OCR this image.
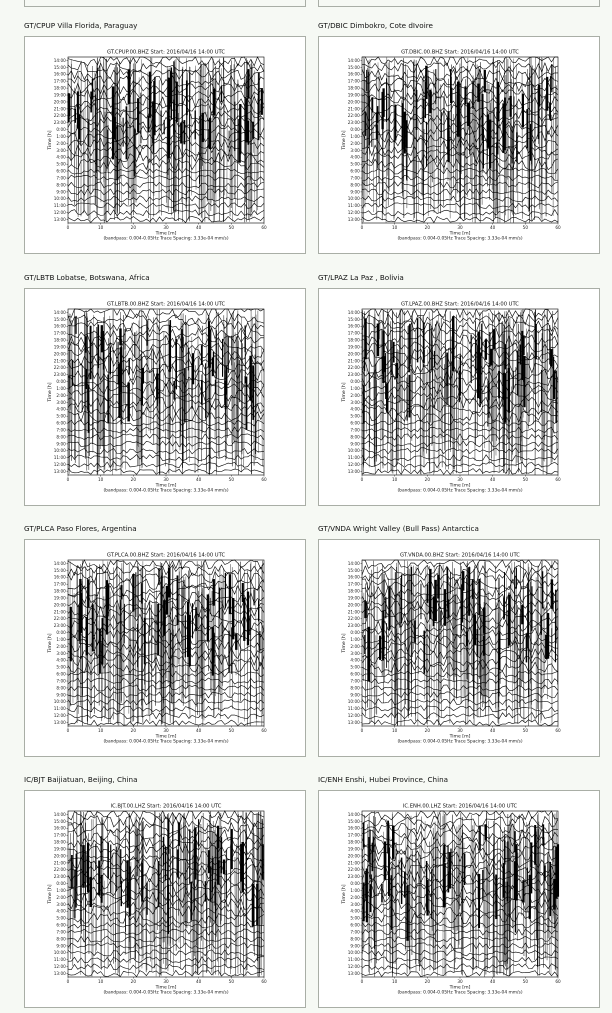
GT/CPUP Villa Florida, Paraguay
GT.CPUP.00.BHZ Start: 2016/04/16 14:00 UTC
14:00
15:00
16:00
17:00
18:00
19:00
20:00
21:00
22:00
23:00
0:00
1:00
2:00
3:00
4:00
5:00
6:00
7:00
8:00
9:00
10:00
11:00
12:00
13:00
0	10	20	30	40	50	60
Time [m]
Time [h]
(bandpass: 0.004-0.05Hz Trace Spacing: 3.33e-04 mm/s)
GT/DBIC Dimbokro, Cote dIvoire
GT.DBIC.00.BHZ Start: 2016/04/16 14:00 UTC
14:00
15:00
16:00
17:00
18:00
19:00
20:00
21:00
22:00
23:00
0:00
1:00
2:00
3:00
4:00
5:00
6:00
7:00
8:00
9:00
10:00
11:00
12:00
13:00
0	10	20	30	40	50	60
Time [m]
Time [h]
(bandpass: 0.004-0.05Hz Trace Spacing: 3.33e-04 mm/s)
GT/LBTB Lobatse, Botswana, Africa
GT.LBTB.00.BHZ Start: 2016/04/16 14:00 UTC
14:00
15:00
16:00
17:00
18:00
19:00
20:00
21:00
22:00
23:00
0:00
1:00
2:00
3:00
4:00
5:00
6:00
7:00
8:00
9:00
10:00
11:00
12:00
13:00
0	10	20	30	40	50	60
Time [m]
Time [h]
(bandpass: 0.004-0.05Hz Trace Spacing: 3.33e-04 mm/s)
GT/LPAZ La Paz , Bolivia
GT.LPAZ.00.BHZ Start: 2016/04/16 14:00 UTC
14:00
15:00
16:00
17:00
18:00
19:00
20:00
21:00
22:00
23:00
0:00
1:00
2:00
3:00
4:00
5:00
6:00
7:00
8:00
9:00
10:00
11:00
12:00
13:00
0	10	20	30	40	50	60
Time [m]
Time [h]
(bandpass: 0.004-0.05Hz Trace Spacing: 3.33e-04 mm/s)
GT/PLCA Paso Flores, Argentina
GT.PLCA.00.BHZ Start: 2016/04/16 14:00 UTC
14:00
15:00
16:00
17:00
18:00
19:00
20:00
21:00
22:00
23:00
0:00
1:00
2:00
3:00
4:00
5:00
6:00
7:00
8:00
9:00
10:00
11:00
12:00
13:00
0	10	20	30	40	50	60
Time [m]
Time [h]
(bandpass: 0.004-0.05Hz Trace Spacing: 3.33e-04 mm/s)
GT/VNDA Wright Valley (Bull Pass) Antarctica
GT.VNDA.00.BHZ Start: 2016/04/16 14:00 UTC
14:00
15:00
16:00
17:00
18:00
19:00
20:00
21:00
22:00
23:00
0:00
1:00
2:00
3:00
4:00
5:00
6:00
7:00
8:00
9:00
10:00
11:00
12:00
13:00
0	10	20	30	40	50	60
Time [m]
Time [h]
(bandpass: 0.004-0.05Hz Trace Spacing: 3.33e-04 mm/s)
IC/BJT Baijiatuan, Beijing, China
IC.BJT.00.LHZ Start: 2016/04/16 14:00 UTC
14:00
15:00
16:00
17:00
18:00
19:00
20:00
21:00
22:00
23:00
0:00
1:00
2:00
3:00
4:00
5:00
6:00
7:00
8:00
9:00
10:00
11:00
12:00
13:00
0	10	20	30	40	50	60
Time [m]
Time [h]
(bandpass: 0.004-0.05Hz Trace Spacing: 3.33e-04 mm/s)
IC/ENH Enshi, Hubei Province, China
IC.ENH.00.LHZ Start: 2016/04/16 14:00 UTC
14:00
15:00
16:00
17:00
18:00
19:00
20:00
21:00
22:00
23:00
0:00
1:00
2:00
3:00
4:00
5:00
6:00
7:00
8:00
9:00
10:00
11:00
12:00
13:00
0	10	20	30	40	50	60
Time [m]
Time [h]
(bandpass: 0.004-0.05Hz Trace Spacing: 3.33e-04 mm/s)
